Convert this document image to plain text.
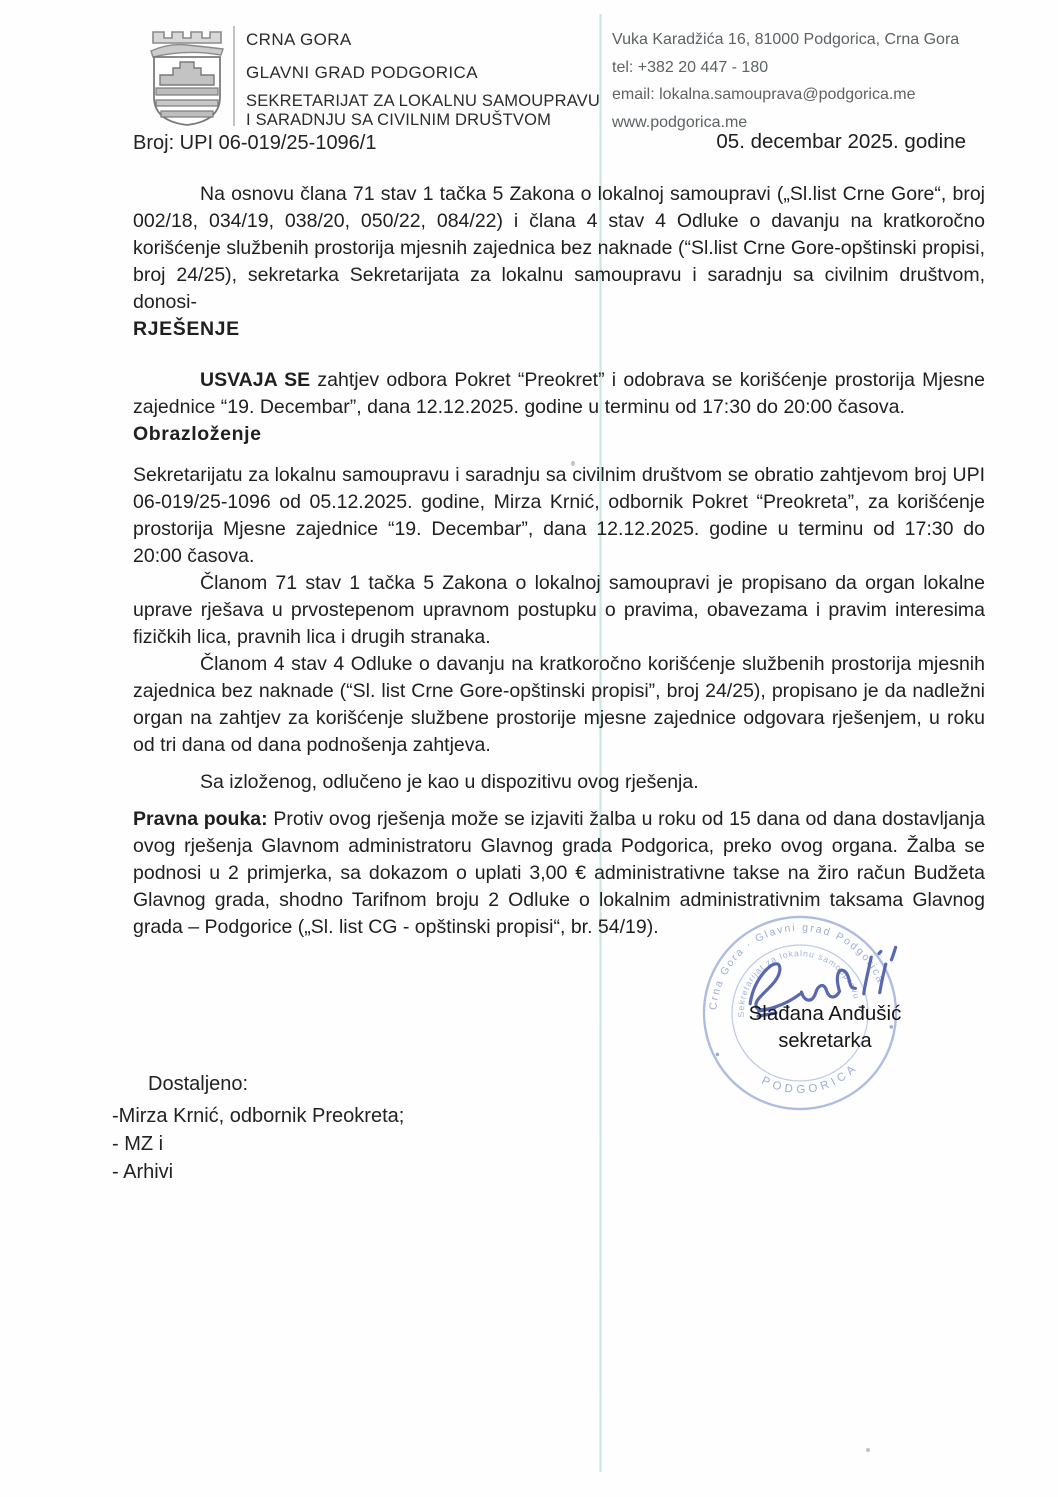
CRNA GORA

GLAVNI GRAD PODGORICA

SEKRETARIJAT ZA LOKALNU SAMOUPRAVU

I SARADNJU SA CIVILNIM DRUŠTVOM

Vuka Karadžića 16, 81000 Podgorica, Crna Gora
tel: +382 20 447 - 180
email: lokalna.samouprava@podgorica.me
www.podgorica.me
Broj: UPI 06-019/25-1096/1	05. decembar 2025. godine

Na osnovu člana 71 stav 1 tačka 5 Zakona o lokalnoj samoupravi („Sl.list Crne Gore“, broj 002/18, 034/19, 038/20, 050/22, 084/22) i člana 4 stav 4 Odluke o davanju na kratkoročno korišćenje službenih prostorija mjesnih zajednica bez naknade (“Sl.list Crne Gore-opštinski propisi, broj 24/25), sekretarka Sekretarijata za lokalnu samoupravu i saradnju sa civilnim društvom, donosi-

RJEŠENJE

USVAJA SE zahtjev odbora Pokret “Preokret” i odobrava se korišćenje prostorija Mjesne zajednice “19. Decembar”, dana 12.12.2025. godine u terminu od 17:30 do 20:00 časova.

Obrazloženje

Sekretarijatu za lokalnu samoupravu i saradnju sa civilnim društvom se obratio zahtjevom broj UPI 06-019/25-1096 od 05.12.2025. godine, Mirza Krnić, odbornik Pokret “Preokreta”, za korišćenje prostorija Mjesne zajednice “19. Decembar”, dana 12.12.2025. godine u terminu od 17:30 do 20:00 časova.

Članom 71 stav 1 tačka 5 Zakona o lokalnoj samoupravi je propisano da organ lokalne uprave rješava u prvostepenom upravnom postupku o pravima, obavezama i pravim interesima fizičkih lica, pravnih lica i drugih stranaka.

Članom 4 stav 4 Odluke o davanju na kratkoročno korišćenje službenih prostorija mjesnih zajednica bez naknade (“Sl. list Crne Gore-opštinski propisi”, broj 24/25), propisano je da nadležni organ na zahtjev za korišćenje službene prostorije mjesne zajednice odgovara rješenjem, u roku od tri dana od dana podnošenja zahtjeva.

Sa izloženog, odlučeno je kao u dispozitivu ovog rješenja.

Pravna pouka: Protiv ovog rješenja može se izjaviti žalba u roku od 15 dana od dana dostavljanja ovog rješenja Glavnom administratoru Glavnog grada Podgorica, preko ovog organa. Žalba se podnosi u 2 primjerka, sa dokazom o uplati 3,00 € administrativne takse na žiro račun Budžeta Glavnog grada, shodno Tarifnom broju 2 Odluke o lokalnim administrativnim taksama Glavnog grada – Podgorice („Sl. list CG - opštinski propisi“, br. 54/19).

Crna Gora · Glavni grad Podgorica
Sekretarijat za lokalnu samoupravu
PODGORICA
Slađana Anđušić
sekretarka
Dostaljeno:
-Mirza Krnić, odbornik Preokreta;
- MZ i
- Arhivi
